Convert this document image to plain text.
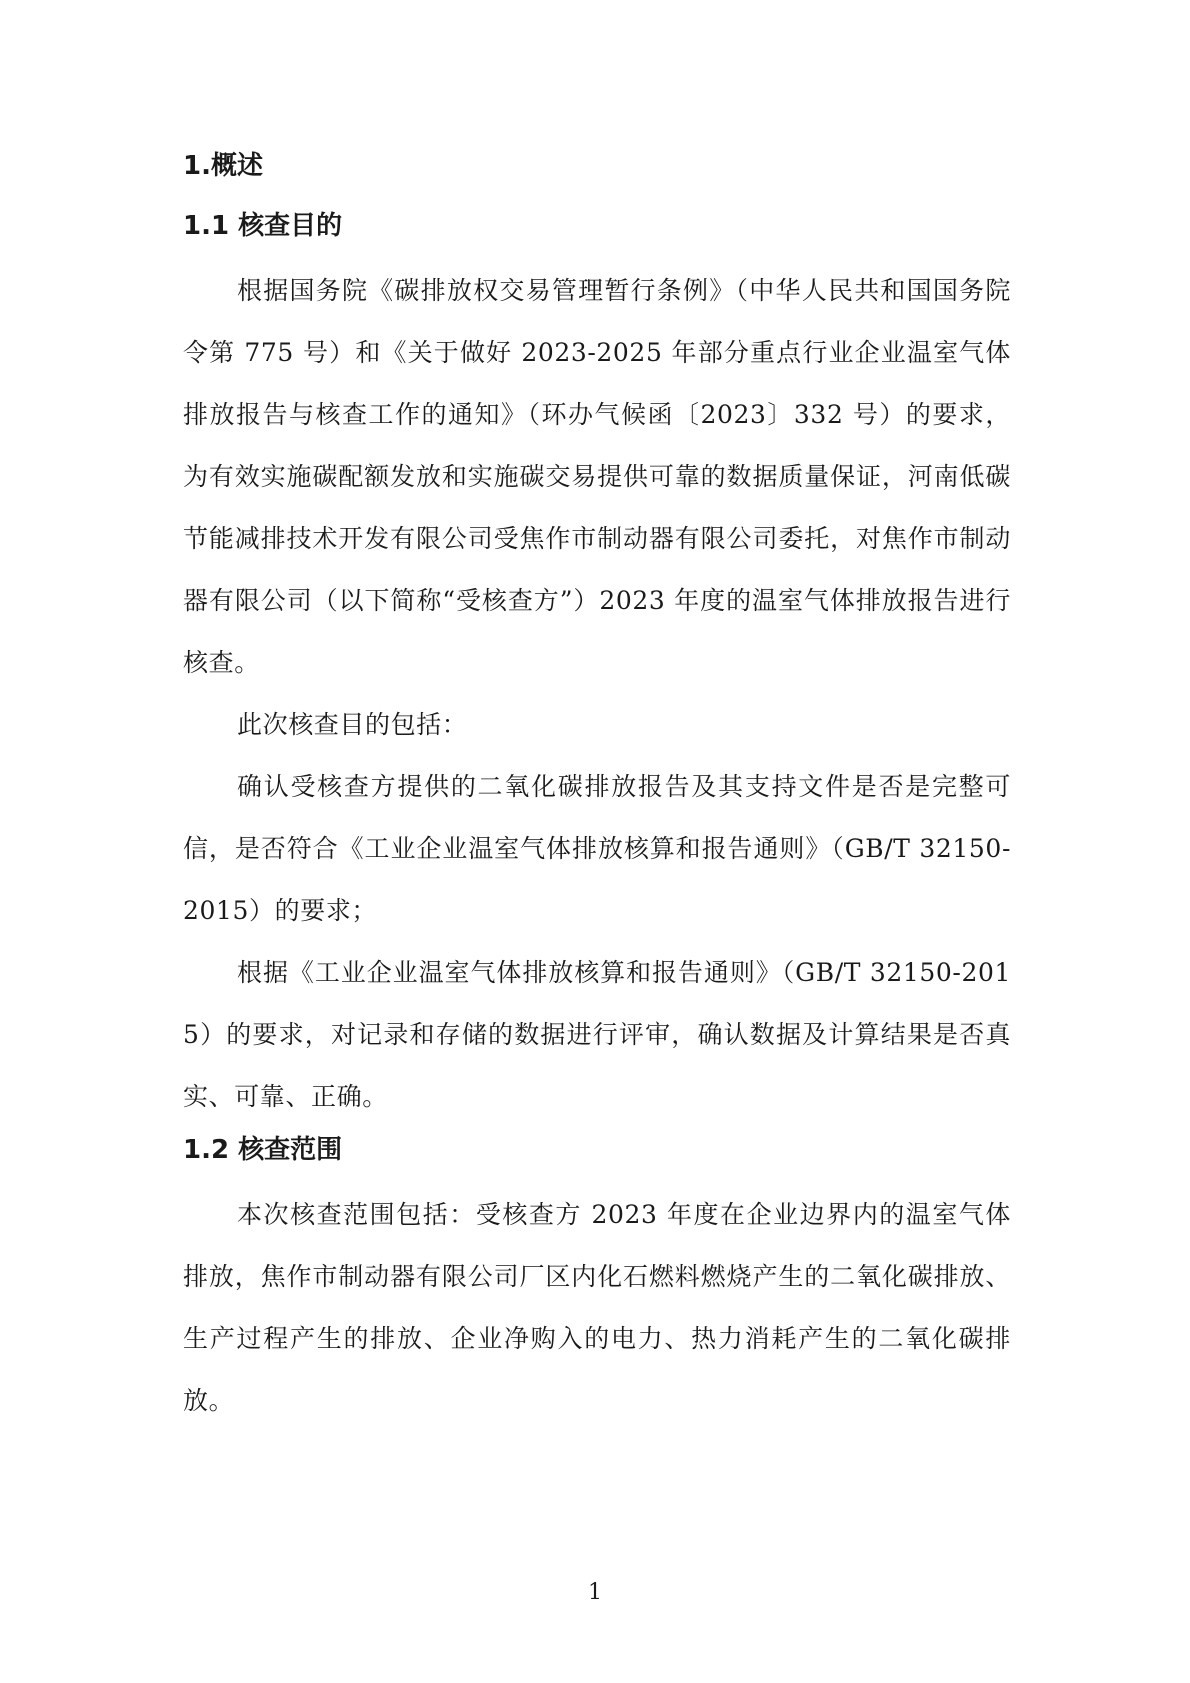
1.概述
1.1 核查目的

根据国务院《碳排放权交易管理暂行条例》（中华人民共和国国务院令第 775 号）和《关于做好 2023-2025 年部分重点行业企业温室气体排放报告与核查工作的通知》（环办气候函〔2023〕332 号）的要求，为有效实施碳配额发放和实施碳交易提供可靠的数据质量保证，河南低碳节能减排技术开发有限公司受焦作市制动器有限公司委托，对焦作市制动器有限公司（以下简称“受核查方”）2023 年度的温室气体排放报告进行核查。

此次核查目的包括：

确认受核查方提供的二氧化碳排放报告及其支持文件是否是完整可信，是否符合《工业企业温室气体排放核算和报告通则》（GB/T 32150-2015）的要求；

根据《工业企业温室气体排放核算和报告通则》（GB/T 32150-2015）的要求，对记录和存储的数据进行评审，确认数据及计算结果是否真实、可靠、正确。

1.2 核查范围

本次核查范围包括：受核查方 2023 年度在企业边界内的温室气体排放，焦作市制动器有限公司厂区内化石燃料燃烧产生的二氧化碳排放、生产过程产生的排放、企业净购入的电力、热力消耗产生的二氧化碳排放。

1
